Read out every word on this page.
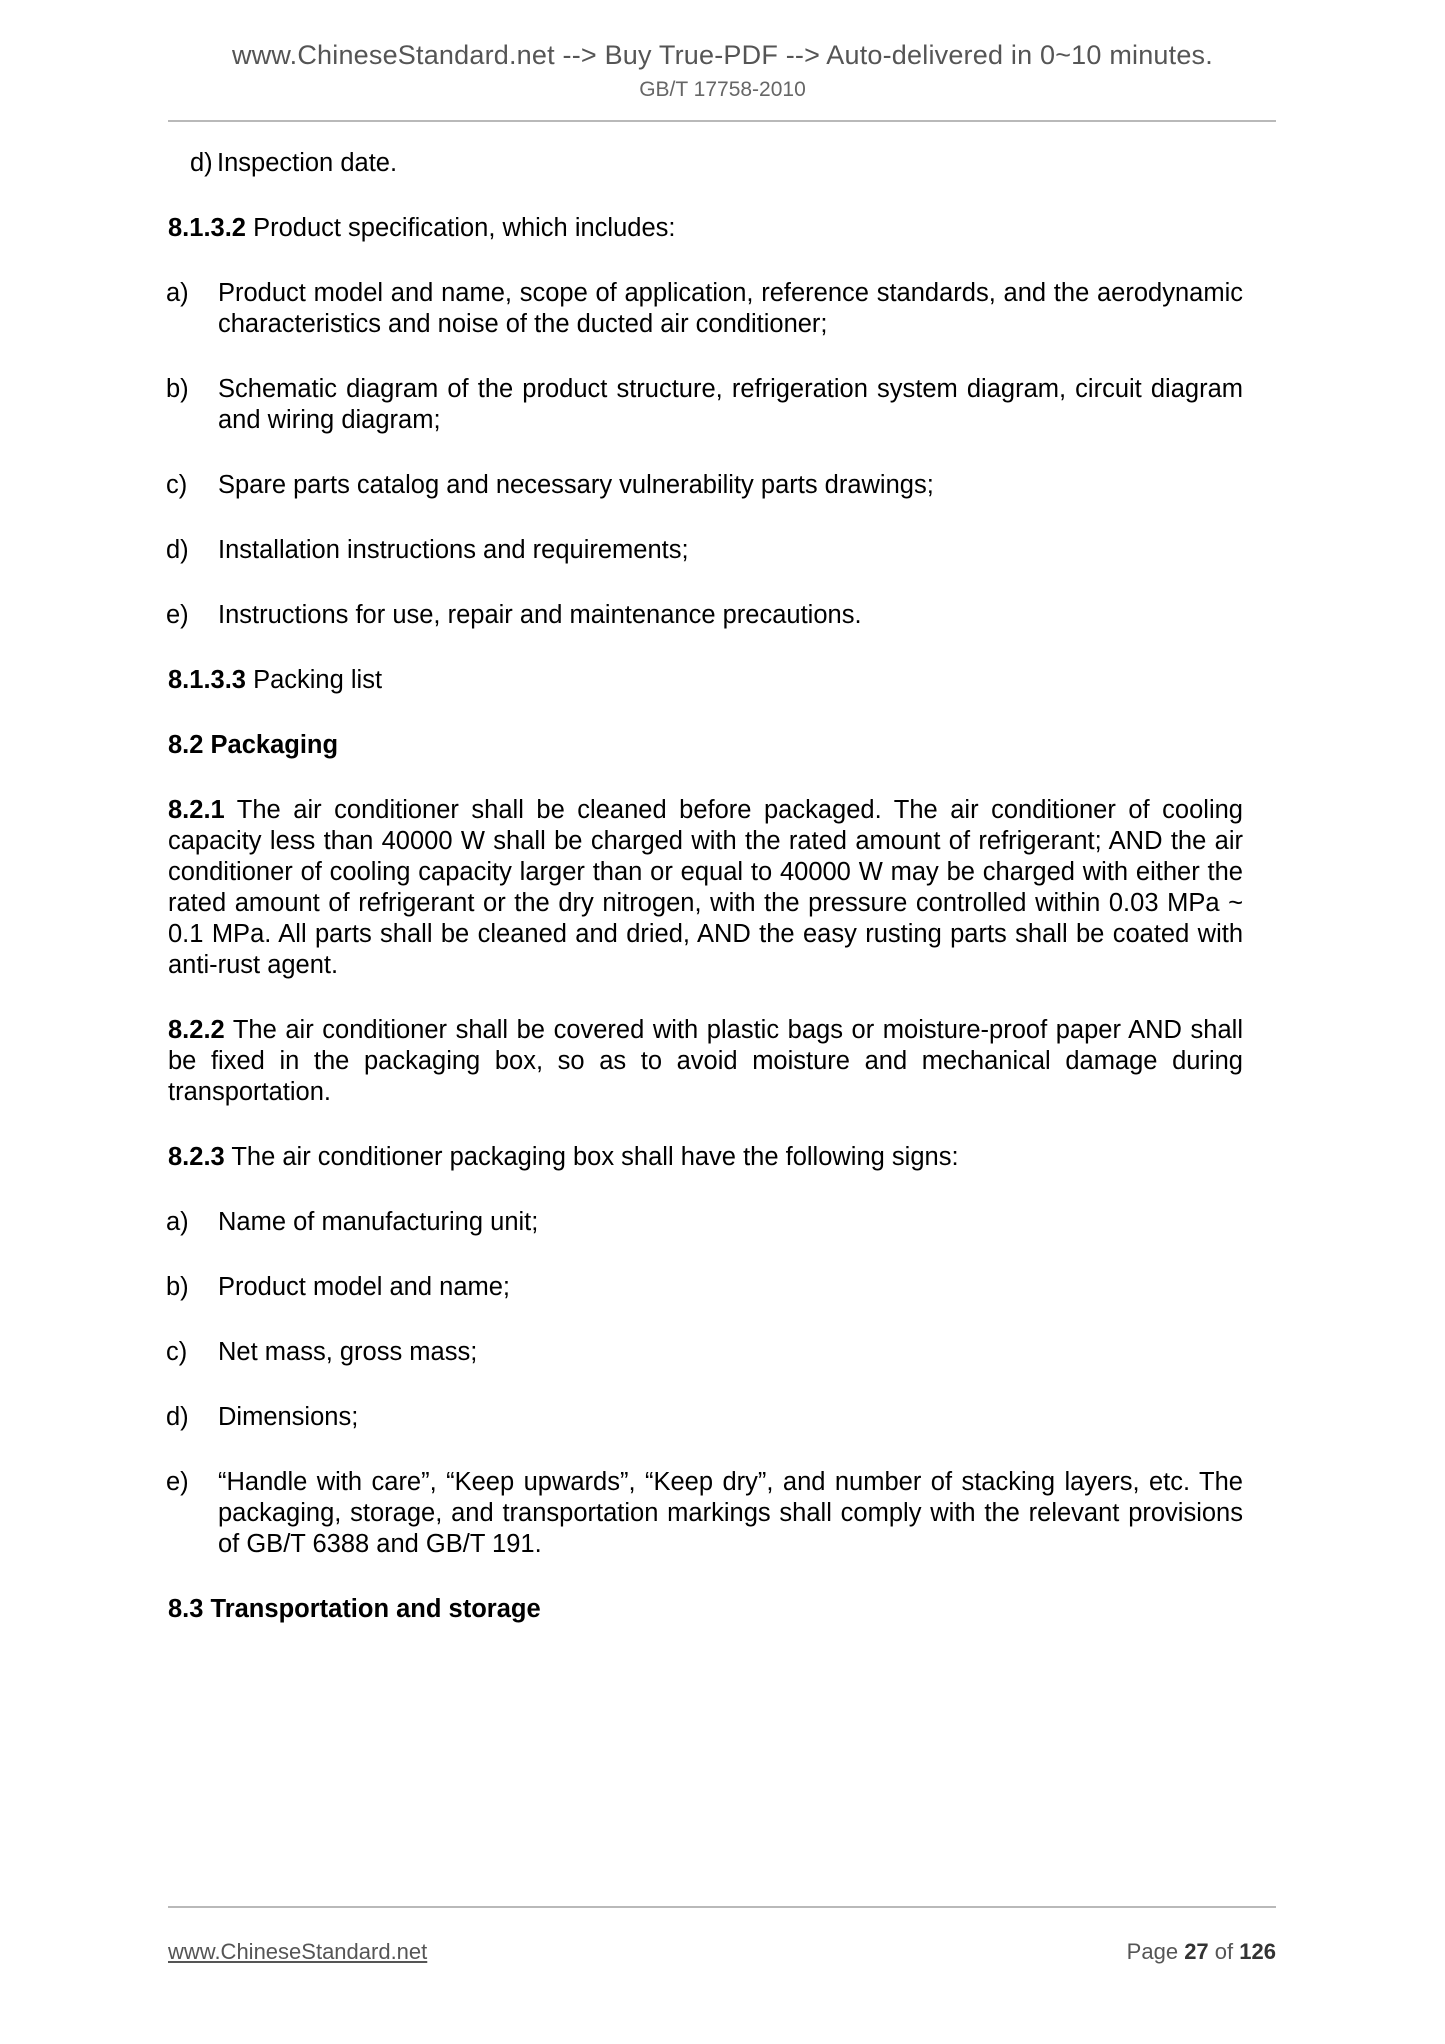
www.ChineseStandard.net --> Buy True-PDF --> Auto-delivered in 0~10 minutes.
GB/T 17758-2010
d) Inspection date.

8.1.3.2 Product specification, which includes:

a) Product model and name, scope of application, reference standards, and the aerodynamic characteristics and noise of the ducted air conditioner;
b) Schematic diagram of the product structure, refrigeration system diagram, circuit diagram and wiring diagram;
c) Spare parts catalog and necessary vulnerability parts drawings;
d) Installation instructions and requirements;
e) Instructions for use, repair and maintenance precautions.

8.1.3.3 Packing list

8.2 Packaging

8.2.1 The air conditioner shall be cleaned before packaged. The air conditioner of cooling capacity less than 40000 W shall be charged with the rated amount of refrigerant; AND the air conditioner of cooling capacity larger than or equal to 40000 W may be charged with either the rated amount of refrigerant or the dry nitrogen, with the pressure controlled within 0.03 MPa ~ 0.1 MPa. All parts shall be cleaned and dried, AND the easy rusting parts shall be coated with anti-rust agent.

8.2.2 The air conditioner shall be covered with plastic bags or moisture-proof paper AND shall be fixed in the packaging box, so as to avoid moisture and mechanical damage during transportation.

8.2.3 The air conditioner packaging box shall have the following signs:

a) Name of manufacturing unit;
b) Product model and name;
c) Net mass, gross mass;
d) Dimensions;
e) “Handle with care”, “Keep upwards”, “Keep dry”, and number of stacking layers, etc. The packaging, storage, and transportation markings shall comply with the relevant provisions of GB/T 6388 and GB/T 191.
8.3 Transportation and storage
www.ChineseStandard.net	Page 27 of 126
